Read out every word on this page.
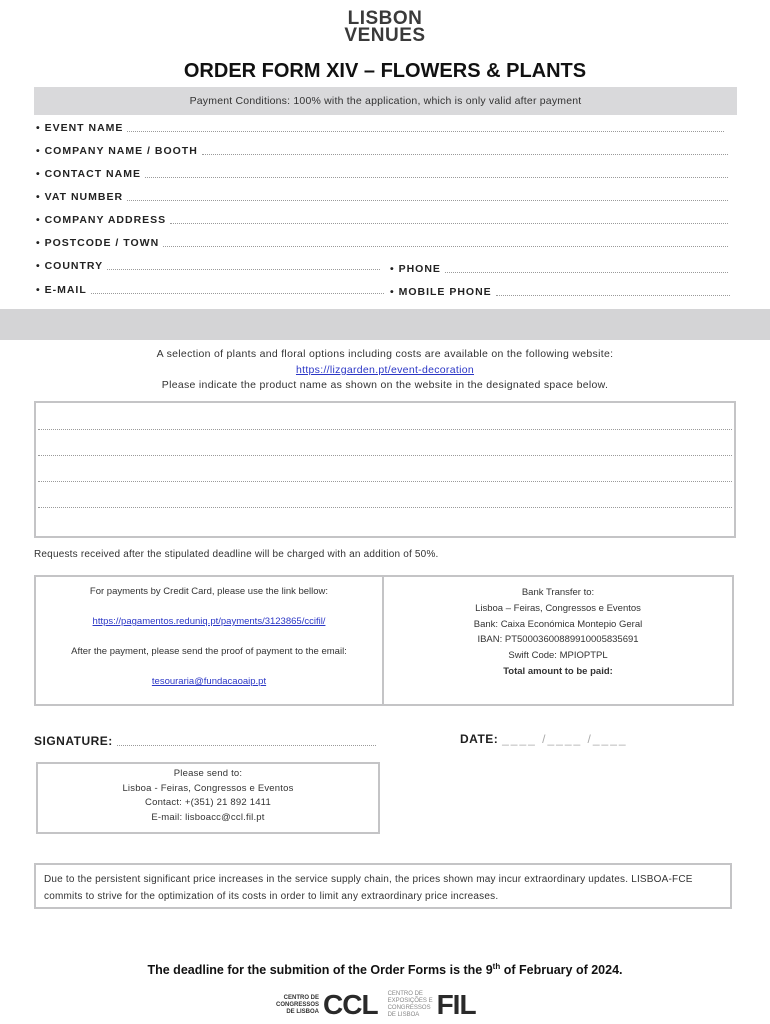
LISBON
VENUES
ORDER FORM XIV – FLOWERS & PLANTS
Payment Conditions: 100% with the application, which is only valid after payment
• EVENT NAME
• COMPANY NAME / BOOTH
• CONTACT NAME
• VAT NUMBER
• COMPANY ADDRESS
• POSTCODE / TOWN
• COUNTRY	• PHONE
• E-MAIL	• MOBILE PHONE
A selection of plants and floral options including costs are available on the following website:
https://lizgarden.pt/event-decoration
Please indicate the product name as shown on the website in the designated space below.
Requests received after the stipulated deadline will be charged with an addition of 50%.

For payments by Credit Card, please use the link bellow:

https://pagamentos.reduniq.pt/payments/3123865/ccifil/

After the payment, please send the proof of payment to the email:

tesouraria@fundacaoaip.pt

Bank Transfer to:
Lisboa – Feiras, Congressos e Eventos
Bank: Caixa Económica Montepio Geral
IBAN: PT50003600889910005835691
Swift Code: MPIOPTPL
Total amount to be paid:
SIGNATURE:	DATE: ____ /____ /____
Please send to:
Lisboa - Feiras, Congressos e Eventos
Contact: +(351) 21 892 1411
E-mail: lisboacc@ccl.fil.pt
Due to the persistent significant price increases in the service supply chain, the prices shown may incur extraordinary updates. LISBOA-FCE commits to strive for the optimization of its costs in order to limit any extraordinary price increases.
The deadline for the submition of the Order Forms is the 9th of February of 2024.
CENTRO DE
CONGRESSOS
DE LISBOA CCL CENTRO DE
EXPOSIÇÕES E
CONGRESSOS
DE LISBOA FIL
